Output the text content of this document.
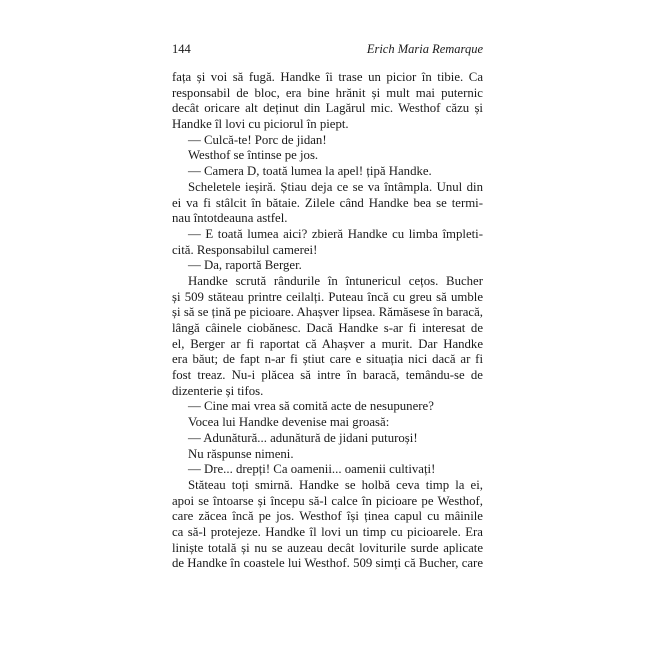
144	Erich Maria Remarque
fața și voi să fugă. Handke îi trase un picior în tibie. Ca
responsabil de bloc, era bine hrănit și mult mai puternic
decât oricare alt deținut din Lagărul mic. Westhof căzu și
Handke îl lovi cu piciorul în piept.
— Culcă-te! Porc de jidan!
Westhof se întinse pe jos.
— Camera D, toată lumea la apel! țipă Handke.
Scheletele ieșiră. Știau deja ce se va întâmpla. Unul din
ei va fi stâlcit în bătaie. Zilele când Handke bea se termi-
nau întotdeauna astfel.
— E toată lumea aici? zbieră Handke cu limba împleti-
cită. Responsabilul camerei!
— Da, raportă Berger.
Handke scrută rândurile în întunericul cețos. Bucher
și 509 stăteau printre ceilalți. Puteau încă cu greu să umble
și să se țină pe picioare. Ahașver lipsea. Rămăsese în baracă,
lângă câinele ciobănesc. Dacă Handke s-ar fi interesat de
el, Berger ar fi raportat că Ahașver a murit. Dar Handke
era băut; de fapt n-ar fi știut care e situația nici dacă ar fi
fost treaz. Nu-i plăcea să intre în baracă, temându-se de
dizenterie și tifos.
— Cine mai vrea să comită acte de nesupunere?
Vocea lui Handke devenise mai groasă:
— Adunătură... adunătură de jidani puturoși!
Nu răspunse nimeni.
— Dre... drepți! Ca oamenii... oamenii cultivați!
Stăteau toți smirnă. Handke se holbă ceva timp la ei,
apoi se întoarse și începu să-l calce în picioare pe Westhof,
care zăcea încă pe jos. Westhof își ținea capul cu mâinile
ca să-l protejeze. Handke îl lovi un timp cu picioarele. Era
liniște totală și nu se auzeau decât loviturile surde aplicate
de Handke în coastele lui Westhof. 509 simți că Bucher, care
